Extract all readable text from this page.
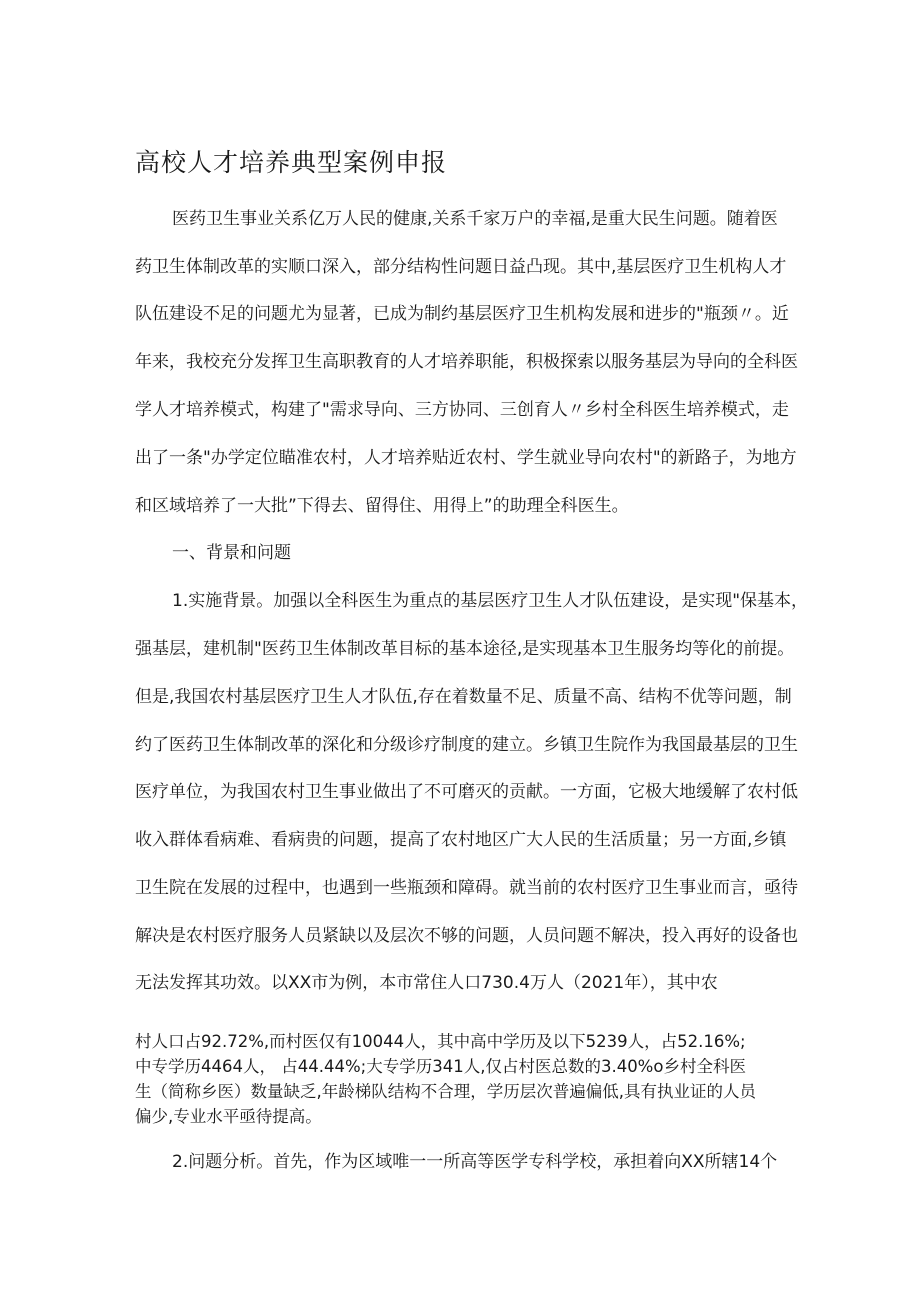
高校人才培养典型案例申报
医药卫生事业关系亿万人民的健康,关系千家万户的幸福,是重大民生问题。随着医
药卫生体制改革的实顺口深入，部分结构性问题日益凸现。其中,基层医疗卫生机构人才
队伍建设不足的问题尤为显著，已成为制约基层医疗卫生机构发展和进步的"瓶颈〃。近
年来，我校充分发挥卫生高职教育的人才培养职能，积极探索以服务基层为导向的全科医
学人才培养模式，构建了"需求导向、三方协同、三创育人〃乡村全科医生培养模式，走
出了一条"办学定位瞄准农村，人才培养贴近农村、学生就业导向农村"的新路子，为地方
和区域培养了一大批”下得去、留得住、用得上”的助理全科医生。
一、背景和问题
1.实施背景。加强以全科医生为重点的基层医疗卫生人才队伍建设，是实现"保基本，
强基层，建机制"医药卫生体制改革目标的基本途径,是实现基本卫生服务均等化的前提。
但是,我国农村基层医疗卫生人才队伍,存在着数量不足、质量不高、结构不优等问题，制
约了医药卫生体制改革的深化和分级诊疗制度的建立。乡镇卫生院作为我国最基层的卫生
医疗单位，为我国农村卫生事业做出了不可磨灭的贡献。一方面，它极大地缓解了农村低
收入群体看病难、看病贵的问题，提高了农村地区广大人民的生活质量；另一方面,乡镇
卫生院在发展的过程中，也遇到一些瓶颈和障碍。就当前的农村医疗卫生事业而言，亟待
解决是农村医疗服务人员紧缺以及层次不够的问题，人员问题不解决，投入再好的设备也
无法发挥其功效。以XX市为例，本市常住人口730.4万人（2021年），其中农
村人口占92.72%,而村医仅有10044人，其中高中学历及以下5239人，占52.16%;
中专学历4464人， 占44.44%;大专学历341人,仅占村医总数的3.40%o乡村全科医
生（简称乡医）数量缺乏,年龄梯队结构不合理，学历层次普遍偏低,具有执业证的人员
偏少,专业水平亟待提高。
2.问题分析。首先，作为区域唯一一所高等医学专科学校，承担着向XX所辖14个
